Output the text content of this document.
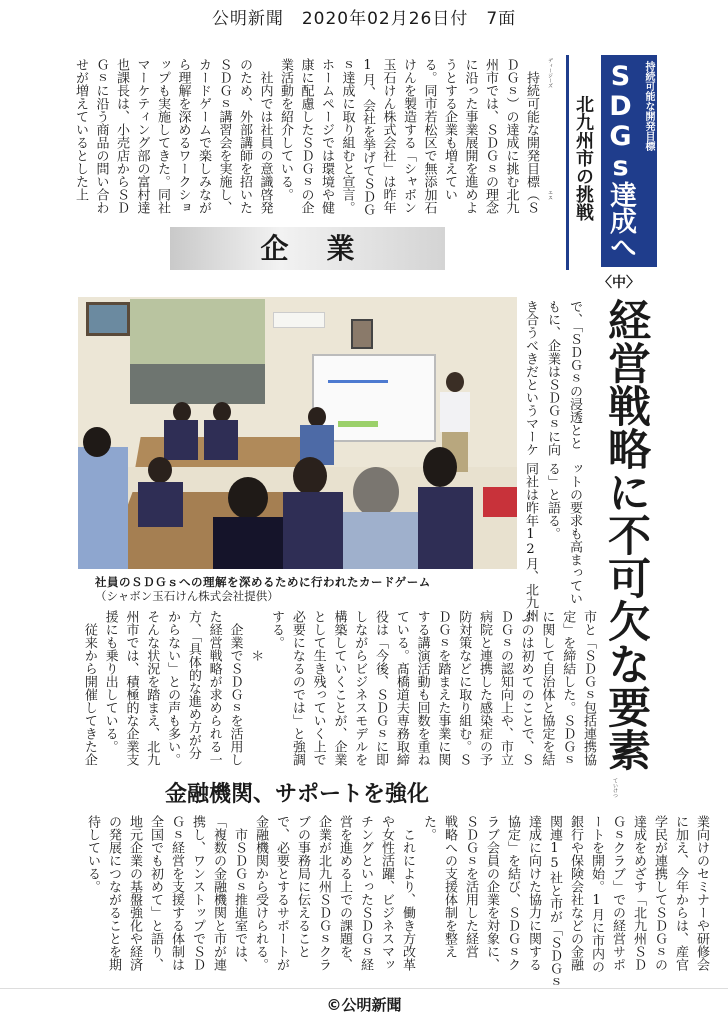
公明新聞　2020年02月26日付　7面
持続可能な開発目標
SDGs達成へ
北九州市の挑戦
〈中〉
　持続可能な開発目標（Ｓ
ＤＧｓ）の達成に挑む北九
州市では、ＳＤＧｓの理念
に沿った事業展開を進めよ
うとする企業も増えてい
る。同市若松区で無添加石
けんを製造する「シャボン
玉石けん株式会社」は昨年
1月、会社を挙げてＳＤＧ
ｓ達成に取り組むと宣言。
ホームページでは環境や健
康に配慮したＳＤＧｓの企
業活動を紹介している。
　社内では社員の意識啓発
のため、外部講師を招いた
ＳＤＧｓ講習会を実施し、
カードゲームで楽しみなが
ら理解を深めるワークショ
ップも実施してきた。同社
マーケティング部の富村達
也課長は、小売店からＳＤ
Ｇｓに沿う商品の問い合わ
せが増えているとした上	ディージーズ
エス
企業
社員のＳＤＧｓへの理解を深めるために行われたカードゲーム
（シャボン玉石けん株式会社提供）
で、「ＳＤＧｓの浸透とと
もに、企業はＳＤＧｓに向
き合うべきだというマーケ
ットの要求も高まってい
る」と語る。
同社は昨年12月、北九州 経営戦略に不可欠な要素
市と「ＳＤＧｓ包括連携協
定」を締結した。ＳＤＧｓ
に関して自治体と協定を結
ぶのは初めてのことで、Ｓ
ＤＧｓの認知向上や、市立
病院と連携した感染症の予
防対策などに取り組む。Ｓ
ＤＧｓを踏まえた事業に関
する講演活動も回数を重ね
ている。髙橋道夫専務取締
役は「今後、ＳＤＧｓに即
しながらビジネスモデルを
構築していくことが、企業
として生き残っていく上で
必要になるのでは」と強調
する。
　　　＊
　企業でＳＤＧｓを活用し
た経営戦略が求められる一
方、「具体的な進め方が分
からない」との声も多い。
そんな状況を踏まえ、北九
州市では、積極的な企業支
援にも乗り出している。
　従来から開催してきた企
ていけつ
金融機関、サポートを強化
業向けのセミナーや研修会
に加え、今年からは、産官
学民が連携してＳＤＧｓの
達成をめざす「北九州ＳＤ
Ｇｓクラブ」での経営サポ
ートを開始。1月に市内の
銀行や保険会社などの金融
関連15社と市が「ＳＤＧｓ
達成に向けた協力に関する
協定」を結び、ＳＤＧｓク
ラブ会員の企業を対象に、
ＳＤＧｓを活用した経営
戦略への支援体制を整え
た。
　これにより、働き方改革
や女性活躍、ビジネスマッ
チングといったＳＤＧｓ経
営を進める上での課題を、
企業が北九州ＳＤＧｓクラ
ブの事務局に伝えること
で、必要とするサポートが
金融機関から受けられる。
　市ＳＤＧｓ推進室では、
「複数の金融機関と市が連
携し、ワンストップでＳＤ
Ｇｓ経営を支援する体制は
全国でも初めて」と語り、
地元企業の基盤強化や経済
の発展につながることを期
待している。
©公明新聞
